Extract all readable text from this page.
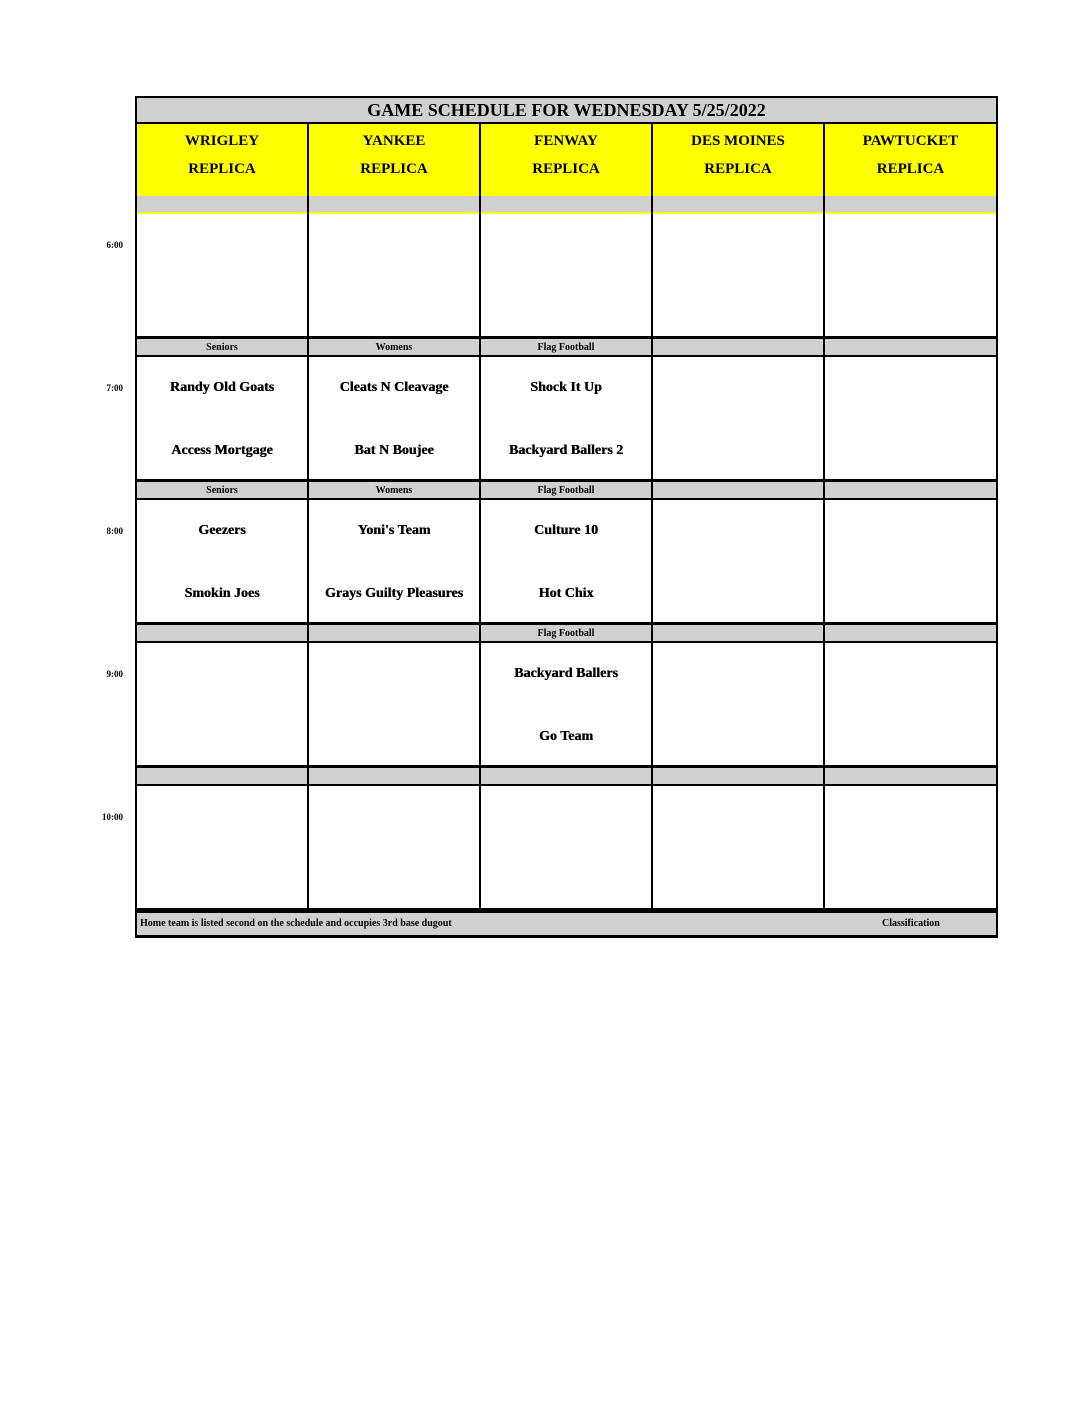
GAME SCHEDULE FOR WEDNESDAY 5/25/2022
Home team is listed second on the schedule and occupies 3rd base dugout	Classification
WRIGLEY
REPLICA
YANKEE
REPLICA
FENWAY
REPLICA
DES MOINES
REPLICA
PAWTUCKET
REPLICA
Seniors
Randy Old Goats
Access Mortgage
Womens
Cleats N Cleavage
Bat N Boujee
Flag Football
Shock It Up
Backyard Ballers 2
Seniors
Geezers
Smokin Joes
Womens
Yoni's Team
Grays Guilty Pleasures
Flag Football
Culture 10
Hot Chix
Flag Football
Backyard Ballers
Go Team
6:00
7:00
8:00
9:00
10:00
